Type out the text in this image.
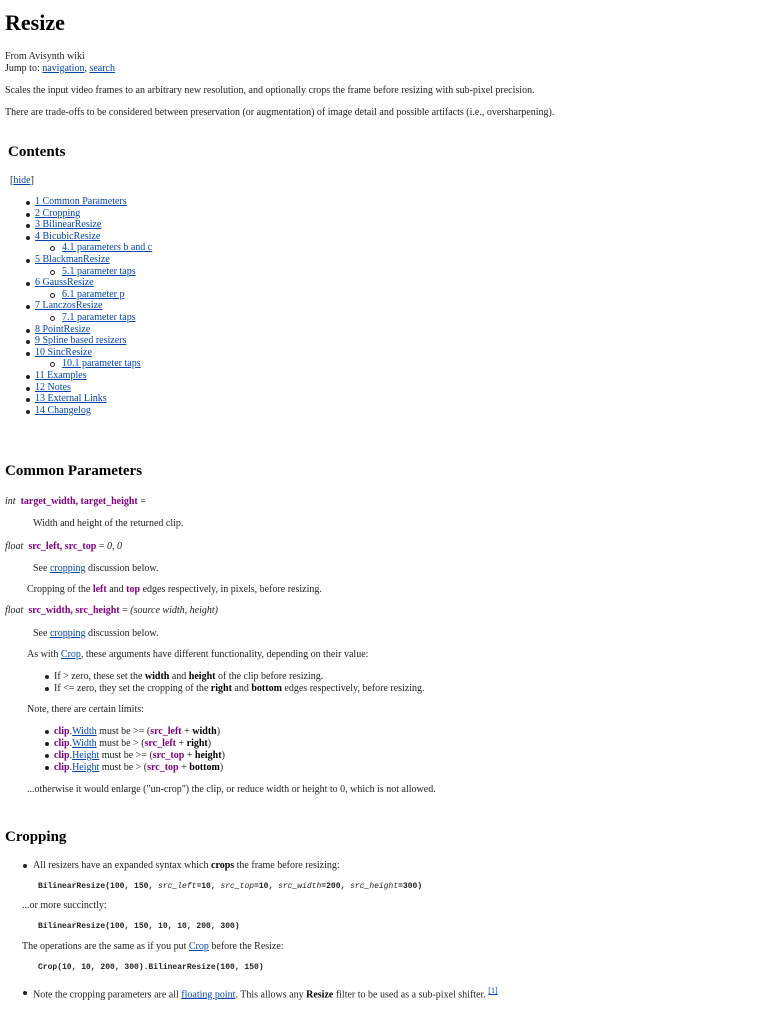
Resize
From Avisynth wiki
Jump to: navigation, search
Scales the input video frames to an arbitrary new resolution, and optionally crops the frame before resizing with sub-pixel precision.
There are trade-offs to be considered between preservation (or augmentation) of image detail and possible artifacts (i.e., oversharpening).
Contents
[hide]
1 Common Parameters
2 Cropping
3 BilinearResize
4 BicubicResize
4.1 parameters b and c
5 BlackmanResize
5.1 parameter taps
6 GaussResize
6.1 parameter p
7 LanczosResize
7.1 parameter taps
8 PointResize
9 Spline based resizers
10 SincResize
10.1 parameter taps
11 Examples
12 Notes
13 External Links
14 Changelog
Common Parameters
int target_width, target_height =
Width and height of the returned clip.
float src_left, src_top = 0, 0
See cropping discussion below.
Cropping of the left and top edges respectively, in pixels, before resizing.
float src_width, src_height = (source width, height)
See cropping discussion below.
As with Crop, these arguments have different functionality, depending on their value:
If > zero, these set the width and height of the clip before resizing.
If <= zero, they set the cropping of the right and bottom edges respectively, before resizing.
Note, there are certain limits:
clip.Width must be >= (src_left + width)
clip.Width must be > (src_left + right)
clip.Height must be >= (src_top + height)
clip.Height must be > (src_top + bottom)
...otherwise it would enlarge ("un-crop") the clip, or reduce width or height to 0, which is not allowed.
Cropping
All resizers have an expanded syntax which crops the frame before resizing:
BilinearResize(100, 150, src_left=10, src_top=10, src_width=200, src_height=300)
...or more succinctly:
BilinearResize(100, 150, 10, 10, 200, 300)
The operations are the same as if you put Crop before the Resize:
Crop(10, 10, 200, 300).BilinearResize(100, 150)
Note the cropping parameters are all floating point. This allows any Resize filter to be used as a sub-pixel shifter. [1]
